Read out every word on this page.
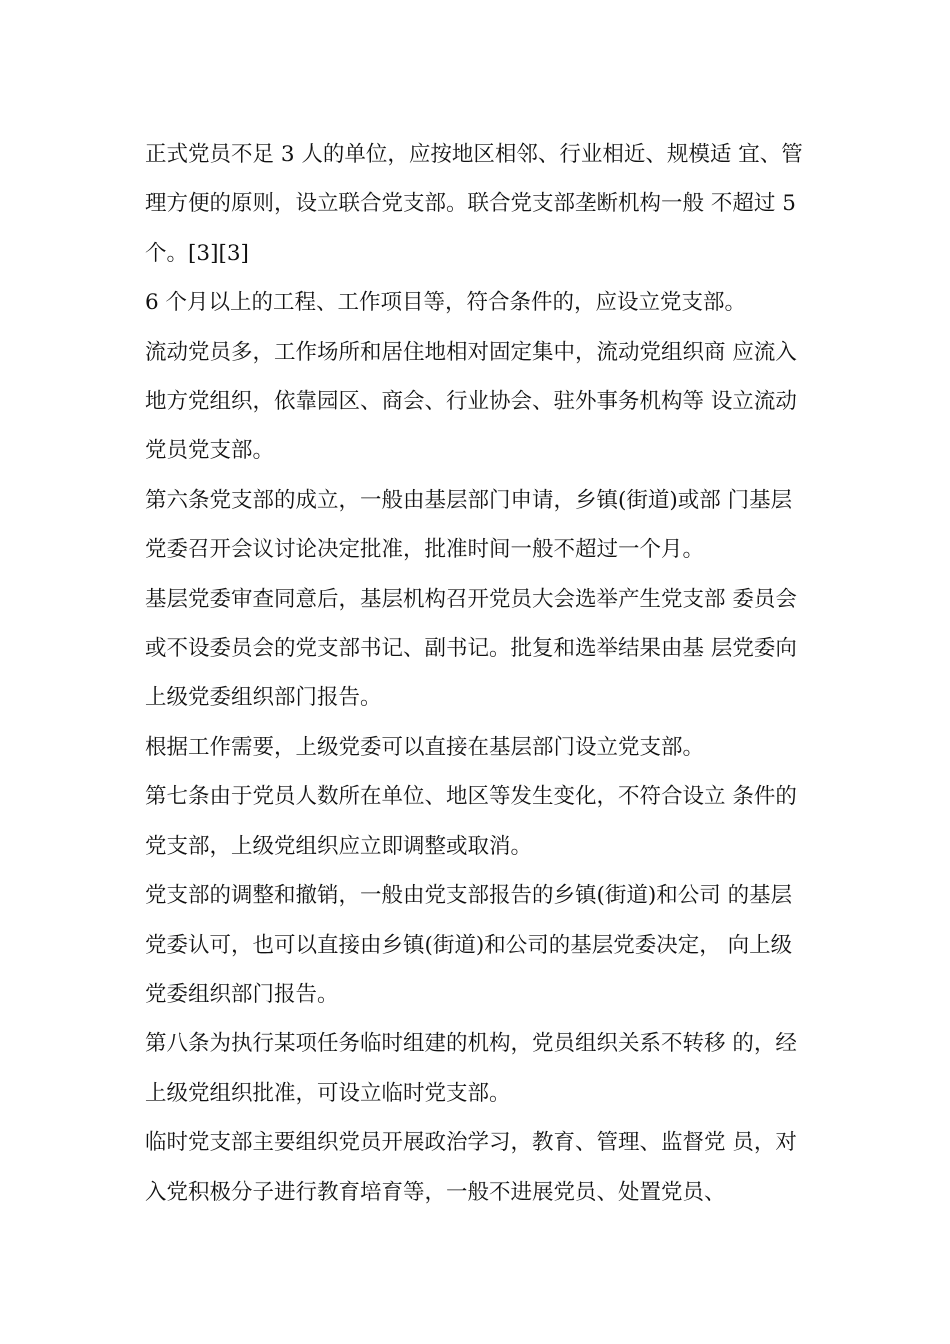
正式党员不足 3 人的单位，应按地区相邻、行业相近、规模适 宜、管理方便的原则，设立联合党支部。联合党支部垄断机构一般 不超过 5 个。[3][3]
6 个月以上的工程、工作项目等，符合条件的，应设立党支部。
流动党员多，工作场所和居住地相对固定集中，流动党组织商 应流入地方党组织，依靠园区、商会、行业协会、驻外事务机构等 设立流动党员党支部。
第六条党支部的成立，一般由基层部门申请，乡镇(街道)或部 门基层党委召开会议讨论决定批准，批准时间一般不超过一个月。
基层党委审查同意后，基层机构召开党员大会选举产生党支部 委员会或不设委员会的党支部书记、副书记。批复和选举结果由基 层党委向上级党委组织部门报告。
根据工作需要，上级党委可以直接在基层部门设立党支部。
第七条由于党员人数所在单位、地区等发生变化，不符合设立 条件的党支部，上级党组织应立即调整或取消。
党支部的调整和撤销，一般由党支部报告的乡镇(街道)和公司 的基层党委认可，也可以直接由乡镇(街道)和公司的基层党委决定， 向上级党委组织部门报告。
第八条为执行某项任务临时组建的机构，党员组织关系不转移 的，经上级党组织批准，可设立临时党支部。
临时党支部主要组织党员开展政治学习，教育、管理、监督党 员，对入党积极分子进行教育培育等，一般不进展党员、处置党员、
